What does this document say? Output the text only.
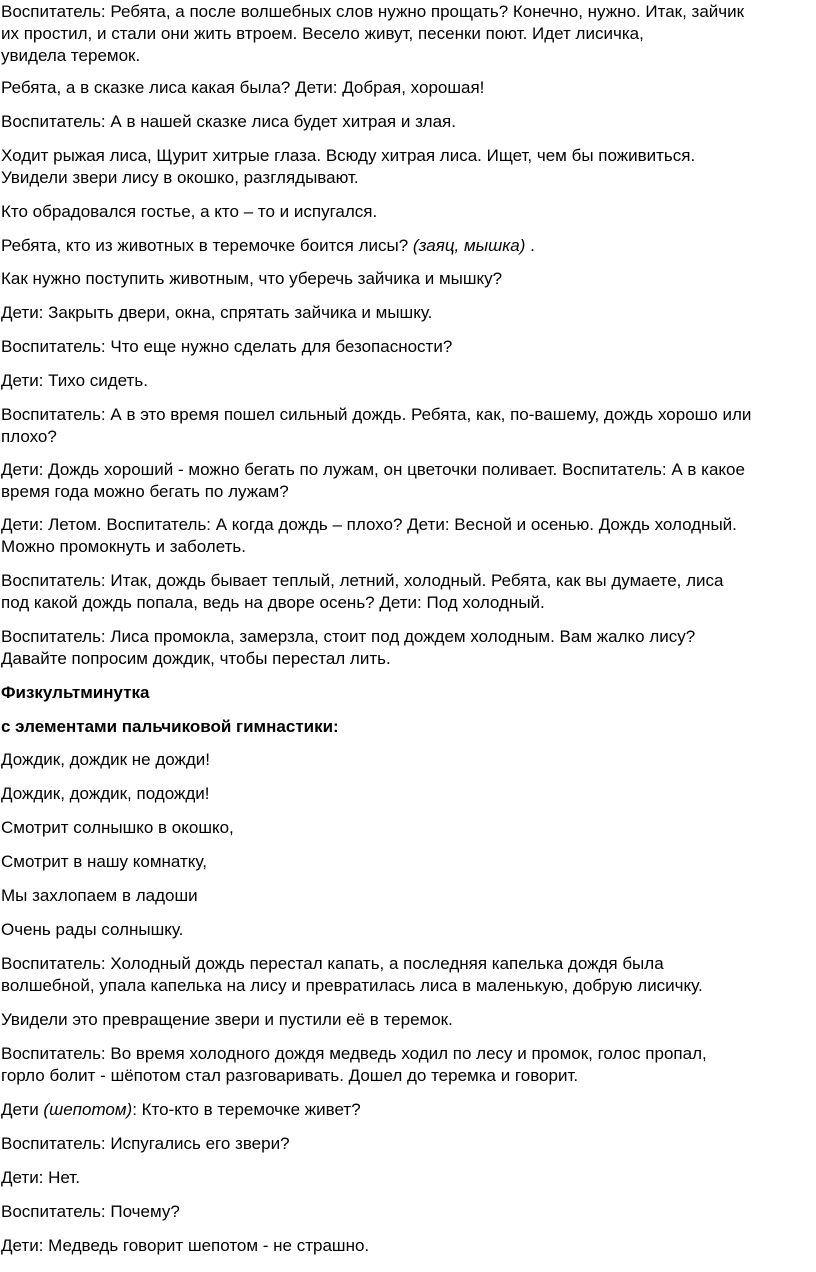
Воспитатель: Ребята, а после волшебных слов нужно прощать? Конечно, нужно. Итак, зайчик
их простил, и стали они жить втроем. Весело живут, песенки поют. Идет лисичка,
увидела теремок.

Ребята, а в сказке лиса какая была? Дети: Добрая, хорошая!

Воспитатель: А в нашей сказке лиса будет хитрая и злая.

Ходит рыжая лиса, Щурит хитрые глаза. Всюду хитрая лиса. Ищет, чем бы поживиться.
Увидели звери лису в окошко, разглядывают.

Кто обрадовался гостье, а кто – то и испугался.

Ребята, кто из животных в теремочке боится лисы? (заяц, мышка) .

Как нужно поступить животным, что уберечь зайчика и мышку?

Дети: Закрыть двери, окна, спрятать зайчика и мышку.

Воспитатель: Что еще нужно сделать для безопасности?

Дети: Тихо сидеть.

Воспитатель: А в это время пошел сильный дождь. Ребята, как, по-вашему, дождь хорошо или
плохо?

Дети: Дождь хороший - можно бегать по лужам, он цветочки поливает. Воспитатель: А в какое
время года можно бегать по лужам?

Дети: Летом. Воспитатель: А когда дождь – плохо? Дети: Весной и осенью. Дождь холодный.
Можно промокнуть и заболеть.

Воспитатель: Итак, дождь бывает теплый, летний, холодный. Ребята, как вы думаете, лиса
под какой дождь попала, ведь на дворе осень? Дети: Под холодный.

Воспитатель: Лиса промокла, замерзла, стоит под дождем холодным. Вам жалко лису?
Давайте попросим дождик, чтобы перестал лить.

Физкультминутка

с элементами пальчиковой гимнастики:

Дождик, дождик не дожди!

Дождик, дождик, подожди!

Смотрит солнышко в окошко,

Смотрит в нашу комнатку,

Мы захлопаем в ладоши

Очень рады солнышку.

Воспитатель: Холодный дождь перестал капать, а последняя капелька дождя была
волшебной, упала капелька на лису и превратилась лиса в маленькую, добрую лисичку.

Увидели это превращение звери и пустили её в теремок.

Воспитатель: Во время холодного дождя медведь ходил по лесу и промок, голос пропал,
горло болит - шёпотом стал разговаривать. Дошел до теремка и говорит.

Дети (шепотом): Кто-кто в теремочке живет?

Воспитатель: Испугались его звери?

Дети: Нет.

Воспитатель: Почему?

Дети: Медведь говорит шепотом - не страшно.
